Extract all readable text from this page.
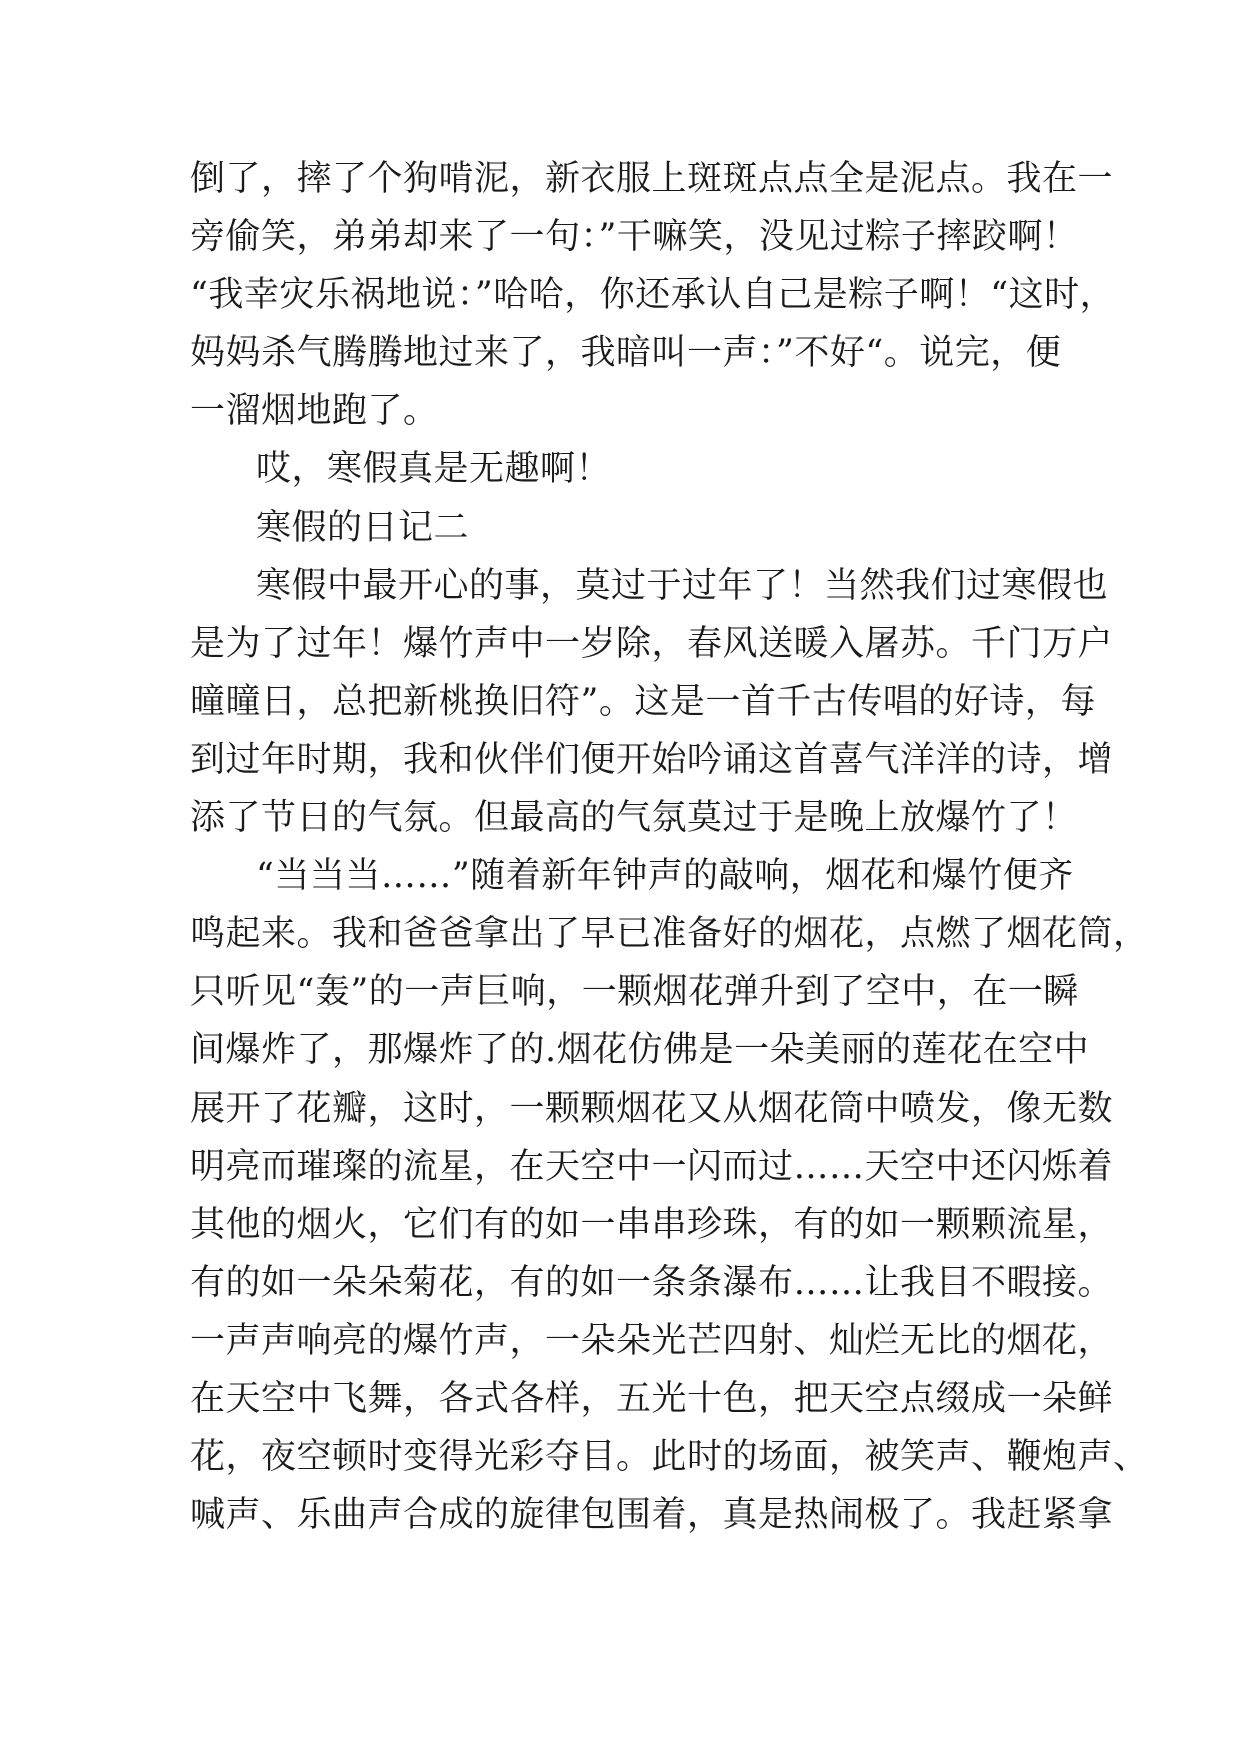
倒了，摔了个狗啃泥，新衣服上斑斑点点全是泥点。我在一
旁偷笑，弟弟却来了一句：”干嘛笑，没见过粽子摔跤啊！
“我幸灾乐祸地说：”哈哈，你还承认自己是粽子啊！“这时，
妈妈杀气腾腾地过来了，我暗叫一声：”不好“。说完，便
一溜烟地跑了。
哎，寒假真是无趣啊！
寒假的日记二
寒假中最开心的事，莫过于过年了！当然我们过寒假也
是为了过年！爆竹声中一岁除，春风送暖入屠苏。千门万户
曈曈日，总把新桃换旧符”。这是一首千古传唱的好诗，每
到过年时期，我和伙伴们便开始吟诵这首喜气洋洋的诗，增
添了节日的气氛。但最高的气氛莫过于是晚上放爆竹了！
“当当当……”随着新年钟声的敲响，烟花和爆竹便齐
鸣起来。我和爸爸拿出了早已准备好的烟花，点燃了烟花筒，
只听见“轰”的一声巨响，一颗烟花弹升到了空中，在一瞬
间爆炸了，那爆炸了的.烟花仿佛是一朵美丽的莲花在空中
展开了花瓣，这时，一颗颗烟花又从烟花筒中喷发，像无数
明亮而璀璨的流星，在天空中一闪而过……天空中还闪烁着
其他的烟火，它们有的如一串串珍珠，有的如一颗颗流星，
有的如一朵朵菊花，有的如一条条瀑布……让我目不暇接。
一声声响亮的爆竹声，一朵朵光芒四射、灿烂无比的烟花，
在天空中飞舞，各式各样，五光十色，把天空点缀成一朵鲜
花，夜空顿时变得光彩夺目。此时的场面，被笑声、鞭炮声、
喊声、乐曲声合成的旋律包围着，真是热闹极了。我赶紧拿
